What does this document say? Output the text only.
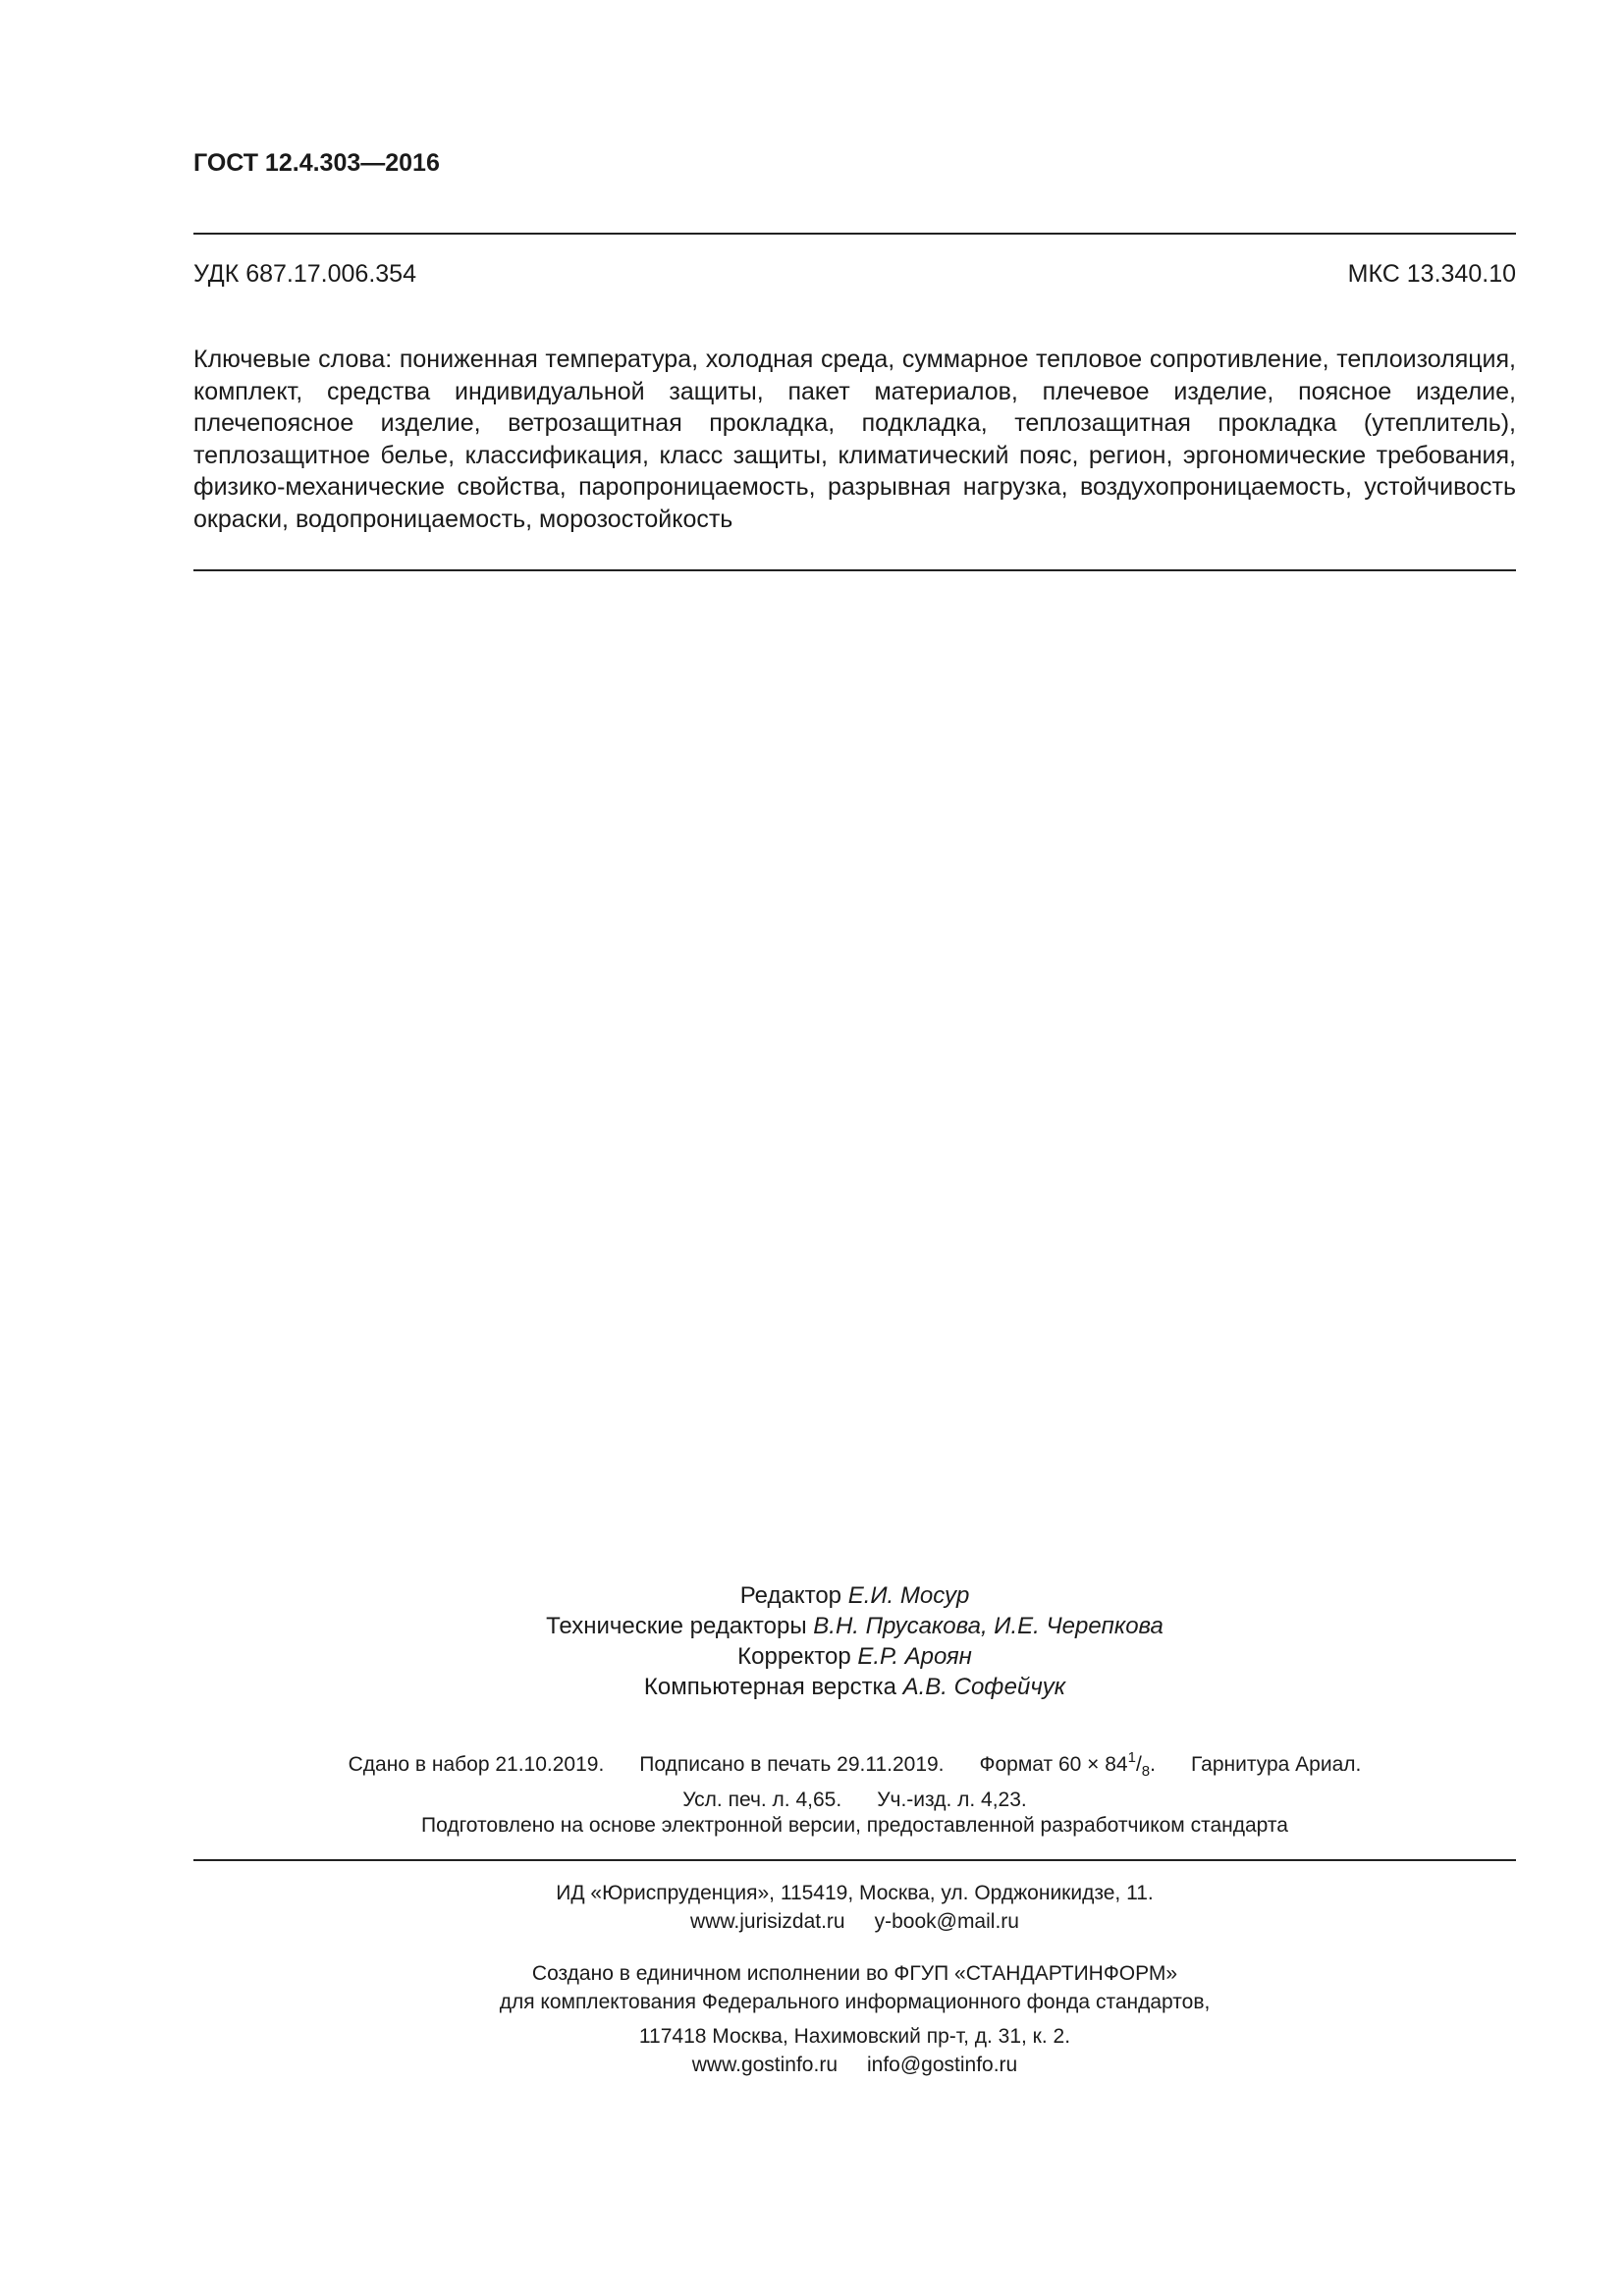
ГОСТ 12.4.303—2016
УДК 687.17.006.354	МКС 13.340.10
Ключевые слова: пониженная температура, холодная среда, суммарное тепловое сопротивление, теплоизоляция, комплект, средства индивидуальной защиты, пакет материалов, плечевое изделие, поясное изделие, плечепоясное изделие, ветрозащитная прокладка, подкладка, теплозащитная прокладка (утеплитель), теплозащитное белье, классификация, класс защиты, климатический пояс, регион, эргономические требования, физико-механические свойства, паропроницаемость, разрывная нагрузка, воздухопроницаемость, устойчивость окраски, водопроницаемость, морозостойкость
Редактор Е.И. Мосур
Технические редакторы В.Н. Прусакова, И.Е. Черепкова
Корректор Е.Р. Ароян
Компьютерная верстка А.В. Софейчук
Сдано в набор 21.10.2019. Подписано в печать 29.11.2019. Формат $60 \times 84^1/_8$. Гарнитура Ариал.
Усл. печ. л. 4,65. Уч.-изд. л. 4,23.
Подготовлено на основе электронной версии, предоставленной разработчиком стандарта
ИД «Юриспруденция», 115419, Москва, ул. Орджоникидзе, 11.
www.jurisizdat.ru y-book@mail.ru
Создано в единичном исполнении во ФГУП «СТАНДАРТИНФОРМ»
для комплектования Федерального информационного фонда стандартов,
117418 Москва, Нахимовский пр-т, д. 31, к. 2.
www.gostinfo.ru info@gostinfo.ru
